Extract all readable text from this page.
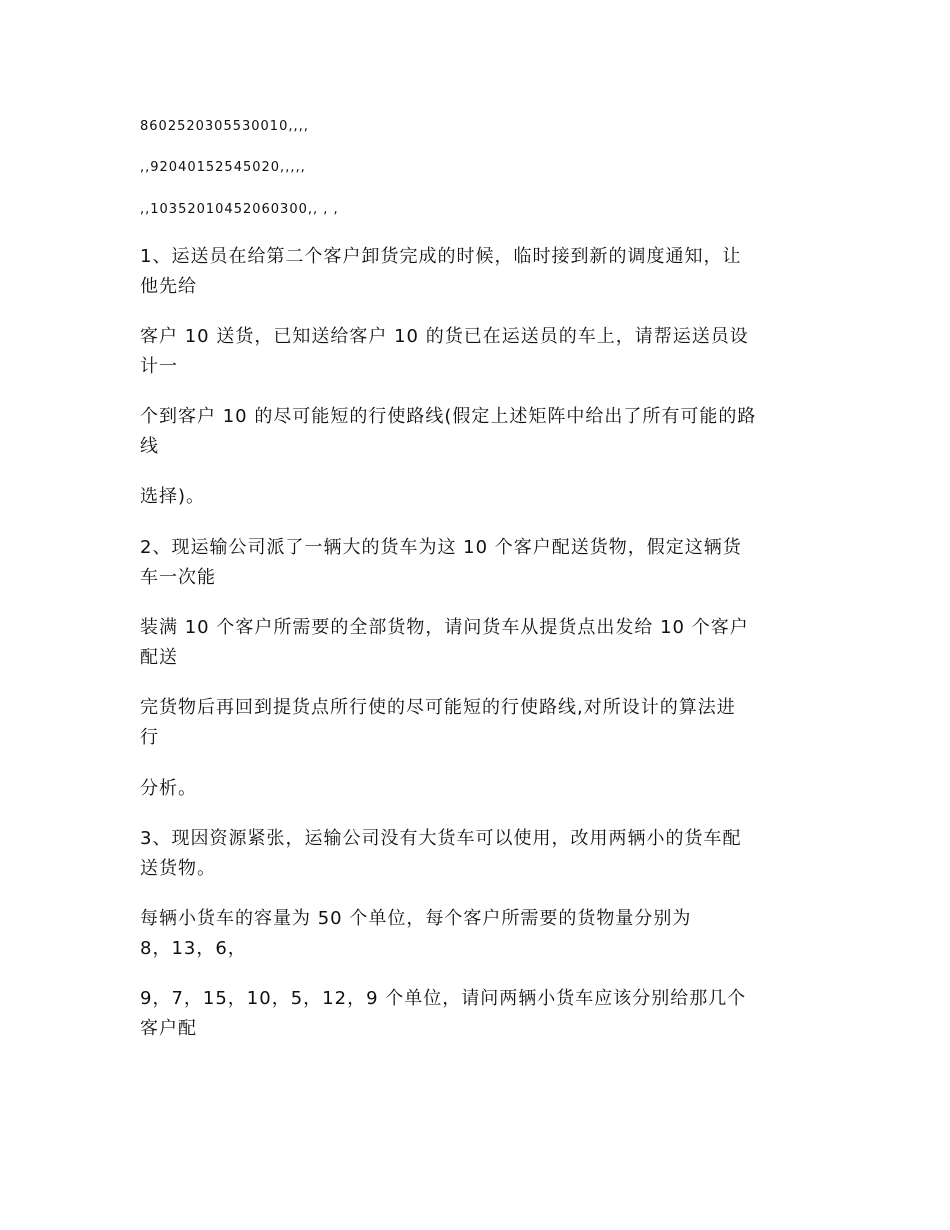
8602520305530010,,,,
,,92040152545020,,,,,
,,10352010452060300,, , ,
1、运送员在给第二个客户卸货完成的时候，临时接到新的调度通知，让
他先给
客户 10 送货，已知送给客户 10 的货已在运送员的车上，请帮运送员设
计一
个到客户 10 的尽可能短的行使路线(假定上述矩阵中给出了所有可能的路
线
选择)。
2、现运输公司派了一辆大的货车为这 10 个客户配送货物，假定这辆货
车一次能
装满 10 个客户所需要的全部货物，请问货车从提货点出发给 10 个客户
配送
完货物后再回到提货点所行使的尽可能短的行使路线,对所设计的算法进
行
分析。
3、现因资源紧张，运输公司没有大货车可以使用，改用两辆小的货车配
送货物。
每辆小货车的容量为 50 个单位，每个客户所需要的货物量分别为
8，13，6，
9，7，15，10，5，12，9 个单位，请问两辆小货车应该分别给那几个
客户配
